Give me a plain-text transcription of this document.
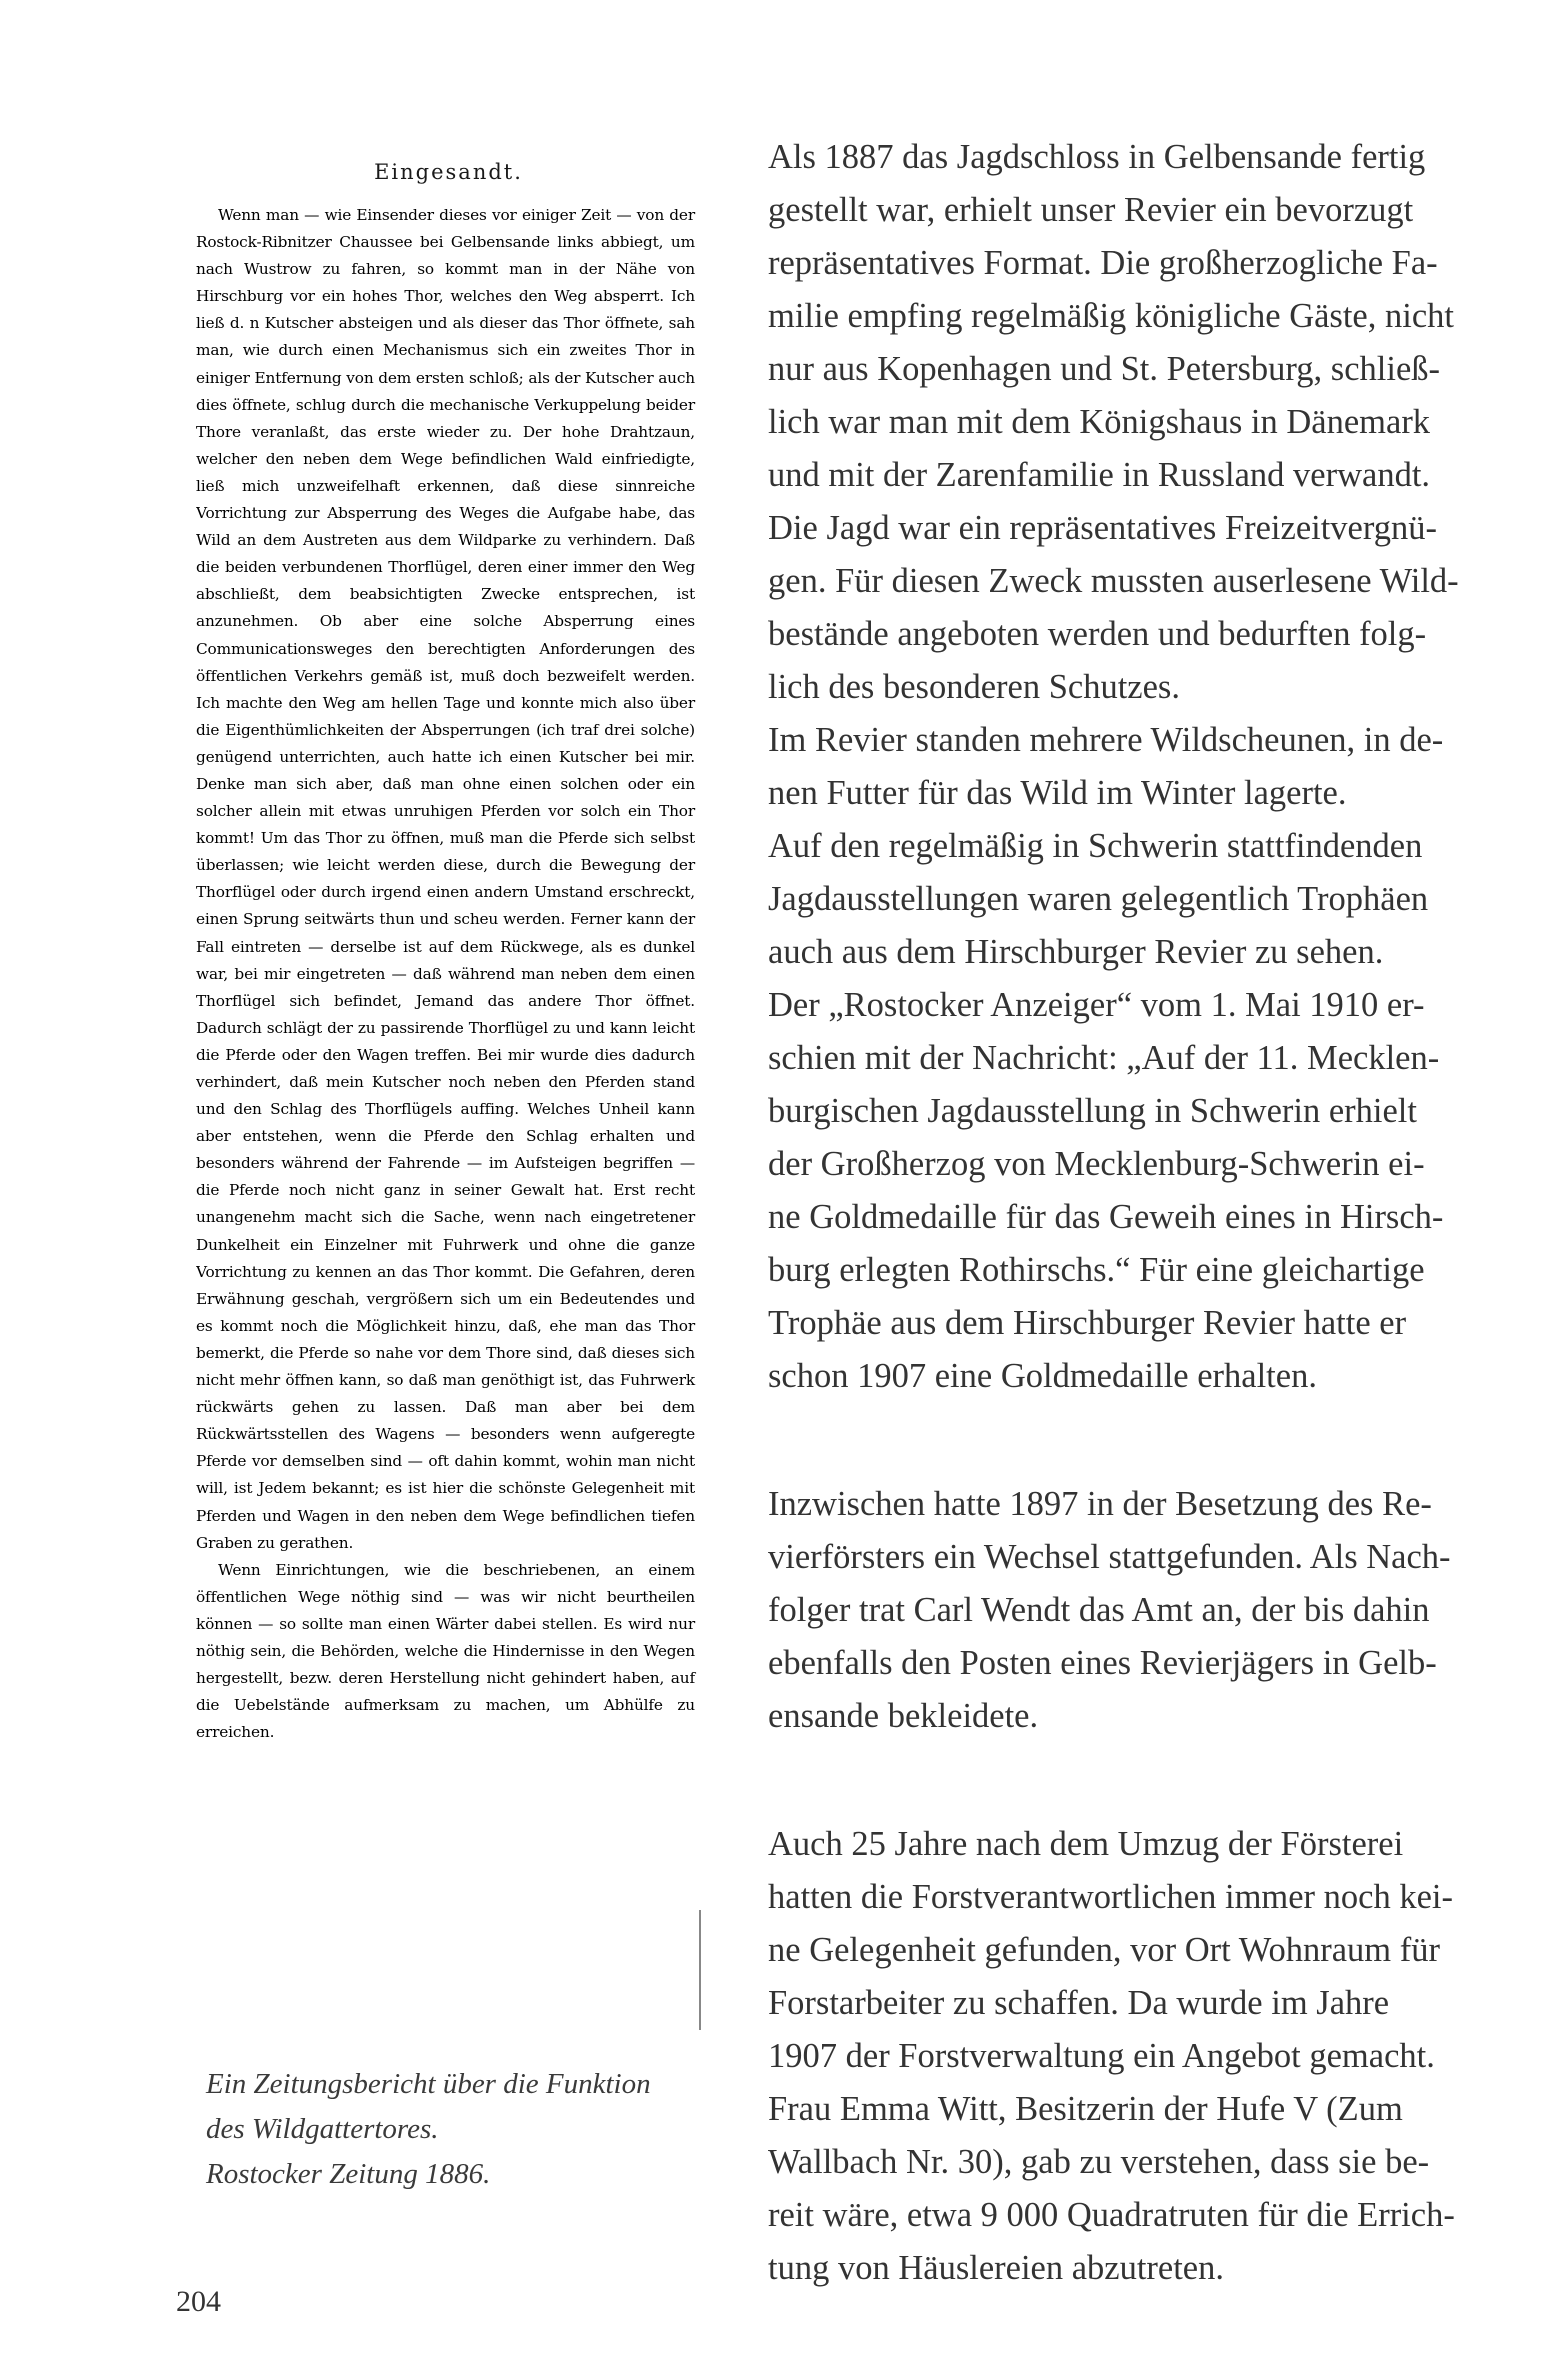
Eingesandt.

Wenn man — wie Einsender dieses vor einiger Zeit — von der Rostock-Ribnitzer Chaussee bei Gelbensande links abbiegt, um nach Wustrow zu fahren, so kommt man in der Nähe von Hirschburg vor ein hohes Thor, welches den Weg absperrt. Ich ließ d. n Kutscher absteigen und als dieser das Thor öffnete, sah man, wie durch einen Mechanismus sich ein zweites Thor in einiger Entfernung von dem ersten schloß; als der Kutscher auch dies öffnete, schlug durch die mechanische Verkuppelung beider Thore veranlaßt, das erste wieder zu. Der hohe Drahtzaun, welcher den neben dem Wege befindlichen Wald einfriedigte, ließ mich unzweifelhaft erkennen, daß diese sinnreiche Vorrichtung zur Absperrung des Weges die Aufgabe habe, das Wild an dem Austreten aus dem Wildparke zu verhindern. Daß die beiden verbundenen Thorflügel, deren einer immer den Weg abschließt, dem beabsichtigten Zwecke entsprechen, ist anzunehmen. Ob aber eine solche Absperrung eines Communicationsweges den berechtigten Anforderungen des öffentlichen Verkehrs gemäß ist, muß doch bezweifelt werden. Ich machte den Weg am hellen Tage und konnte mich also über die Eigenthümlichkeiten der Absperrungen (ich traf drei solche) genügend unterrichten, auch hatte ich einen Kutscher bei mir. Denke man sich aber, daß man ohne einen solchen oder ein solcher allein mit etwas unruhigen Pferden vor solch ein Thor kommt! Um das Thor zu öffnen, muß man die Pferde sich selbst überlassen; wie leicht werden diese, durch die Bewegung der Thorflügel oder durch irgend einen andern Umstand erschreckt, einen Sprung seitwärts thun und scheu werden. Ferner kann der Fall eintreten — derselbe ist auf dem Rückwege, als es dunkel war, bei mir eingetreten — daß während man neben dem einen Thorflügel sich befindet, Jemand das andere Thor öffnet. Dadurch schlägt der zu passirende Thorflügel zu und kann leicht die Pferde oder den Wagen treffen. Bei mir wurde dies dadurch verhindert, daß mein Kutscher noch neben den Pferden stand und den Schlag des Thorflügels auffing. Welches Unheil kann aber entstehen, wenn die Pferde den Schlag erhalten und besonders während der Fahrende — im Aufsteigen begriffen — die Pferde noch nicht ganz in seiner Gewalt hat. Erst recht unangenehm macht sich die Sache, wenn nach eingetretener Dunkelheit ein Einzelner mit Fuhrwerk und ohne die ganze Vorrichtung zu kennen an das Thor kommt. Die Gefahren, deren Erwähnung geschah, vergrößern sich um ein Bedeutendes und es kommt noch die Möglichkeit hinzu, daß, ehe man das Thor bemerkt, die Pferde so nahe vor dem Thore sind, daß dieses sich nicht mehr öffnen kann, so daß man genöthigt ist, das Fuhrwerk rückwärts gehen zu lassen. Daß man aber bei dem Rückwärtsstellen des Wagens — besonders wenn aufgeregte Pferde vor demselben sind — oft dahin kommt, wohin man nicht will, ist Jedem bekannt; es ist hier die schönste Gelegenheit mit Pferden und Wagen in den neben dem Wege befindlichen tiefen Graben zu gerathen.

Wenn Einrichtungen, wie die beschriebenen, an einem öffentlichen Wege nöthig sind — was wir nicht beurtheilen können — so sollte man einen Wärter dabei stellen. Es wird nur nöthig sein, die Behörden, welche die Hindernisse in den Wegen hergestellt, bezw. deren Herstellung nicht gehindert haben, auf die Uebelstände aufmerksam zu machen, um Abhülfe zu erreichen.

Ein Zeitungsbericht über die Funktion
des Wildgattertores.
Rostocker Zeitung 1886.
204
Als 1887 das Jagdschloss in Gelbensande fertig
gestellt war, erhielt unser Revier ein bevorzugt
repräsentatives Format. Die großherzogliche Fa-
milie empfing regelmäßig königliche Gäste, nicht
nur aus Kopenhagen und St. Petersburg, schließ-
lich war man mit dem Königshaus in Dänemark
und mit der Zarenfamilie in Russland verwandt.
Die Jagd war ein repräsentatives Freizeitvergnü-
gen. Für diesen Zweck mussten auserlesene Wild-
bestände angeboten werden und bedurften folg-
lich des besonderen Schutzes.
Im Revier standen mehrere Wildscheunen, in de-
nen Futter für das Wild im Winter lagerte.
Auf den regelmäßig in Schwerin stattfindenden
Jagdausstellungen waren gelegentlich Trophäen
auch aus dem Hirschburger Revier zu sehen.
Der „Rostocker Anzeiger“ vom 1. Mai 1910 er-
schien mit der Nachricht: „Auf der 11. Mecklen-
burgischen Jagdausstellung in Schwerin erhielt
der Großherzog von Mecklenburg-Schwerin ei-
ne Goldmedaille für das Geweih eines in Hirsch-
burg erlegten Rothirschs.“ Für eine gleichartige
Trophäe aus dem Hirschburger Revier hatte er
schon 1907 eine Goldmedaille erhalten.
Inzwischen hatte 1897 in der Besetzung des Re-
vierförsters ein Wechsel stattgefunden. Als Nach-
folger trat Carl Wendt das Amt an, der bis dahin
ebenfalls den Posten eines Revierjägers in Gelb-
ensande bekleidete.
Auch 25 Jahre nach dem Umzug der Försterei
hatten die Forstverantwortlichen immer noch kei-
ne Gelegenheit gefunden, vor Ort Wohnraum für
Forstarbeiter zu schaffen. Da wurde im Jahre
1907 der Forstverwaltung ein Angebot gemacht.
Frau Emma Witt, Besitzerin der Hufe V (Zum
Wallbach Nr. 30), gab zu verstehen, dass sie be-
reit wäre, etwa 9 000 Quadratruten für die Errich-
tung von Häuslereien abzutreten.
